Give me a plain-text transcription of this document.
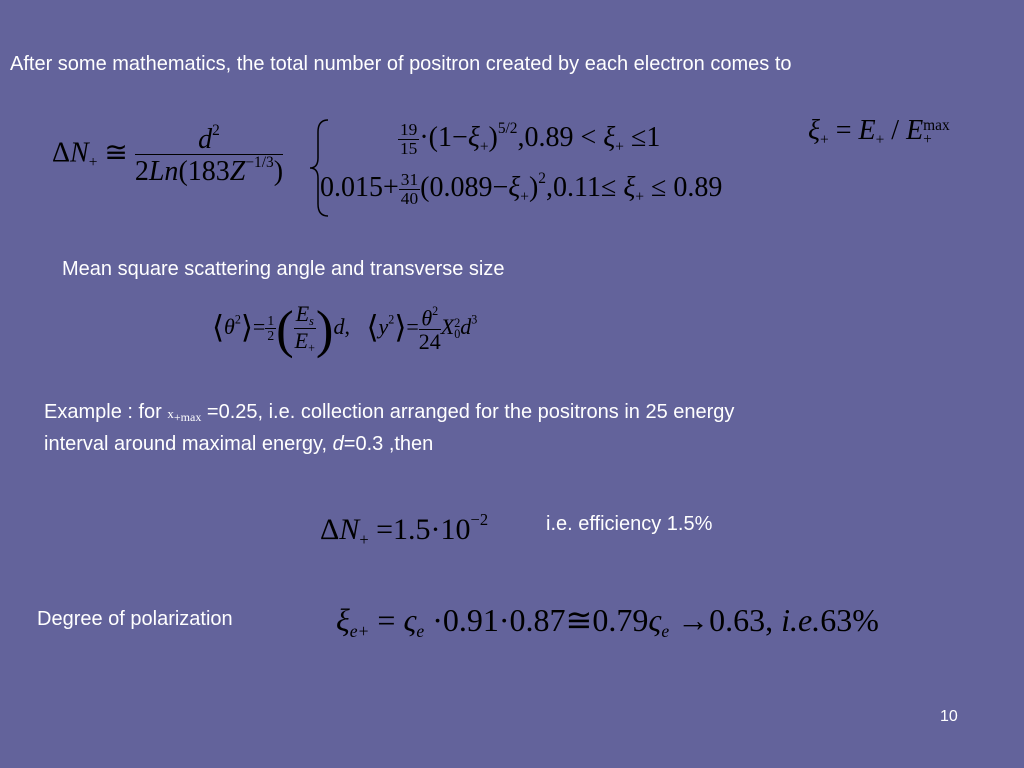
After some mathematics, the total number of positron created by each electron comes to
$\xi_+ = E_+ / E$ max
+
$\Delta N_+$ ≅ $\frac{d^2}{2Ln(183Z^{-1/3})}$	$\frac{19}{15} \cdot(1-\xi_+)^{5/2},0.89 < \xi_+ \le 1$
$0.015+ \frac{31}{40} (0.089-\xi_+)^2,0.11\le \xi_+ \le 0.89$
Mean square scattering angle and transverse size
$⟨\theta^2⟩= \frac{1}{2}$ ( $\frac{E_s}{E_+} )d$,   $⟨y^2⟩= \frac{\theta^2}{24}$ X 2
0 $d^3$
Example : for x+max =0.25, i.e. collection arranged for the positrons in 25 energy
interval around maximal energy, d=0.3 ,then
$\Delta N_+ =1.5\cdot 10^{-2}$	i.e. efficiency 1.5%
Degree of polarization	$\xi_{e+} = \varsigma_e$ $\cdot 0.91\cdot 0.87≅0.79\varsigma_e \to 0.63$, i.e.63%
10
